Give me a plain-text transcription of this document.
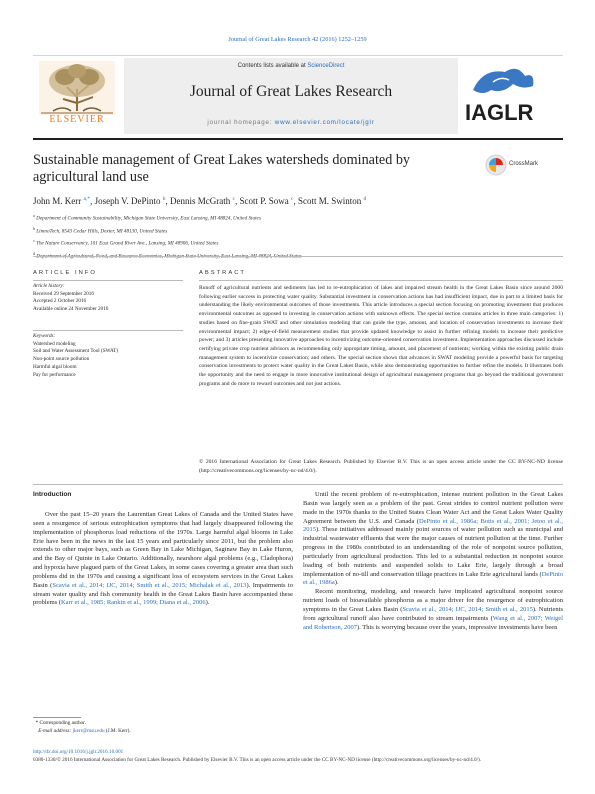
Journal of Great Lakes Research 42 (2016) 1252–1259
ELSEVIER
Contents lists available at ScienceDirect
Journal of Great Lakes Research
journal homepage: www.elsevier.com/locate/jglr	IAGLR
Sustainable management of Great Lakes watersheds dominated by agricultural land use
CrossMark
John M. Kerr $^{a,*}$, Joseph V. DePinto $^b$, Dennis McGrath $^c$, Scott P. Sowa $^c$, Scott M. Swinton $^d$
$^a$ Department of Community Sustainability, Michigan State University, East Lansing, MI 48824, United States
$^b$ LimnoTech, 8543 Cedar Hills, Dexter, MI 48130, United States
$^c$ The Nature Conservancy, 101 East Grand River Ave., Lansing, MI 48906, United States
$^d$
ARTICLE INFO
Article history:
Received 29 September 2016
Accepted 2 October 2016
Available online 24 November 2016
Keywords:
Watershed modeling
Soil and Water Assessment Tool (SWAT)
Non-point source pollution
Harmful algal bloom
Pay for performance
ABSTRACT
Runoff of agricultural nutrients and sediments has led to re-eutrophication of lakes and impaired stream health in the Great Lakes Basin since around 2000 following earlier success in protecting water quality. Substantial investment in conservation actions has had insufficient impact, due in part to a limited basis for understanding the likely environmental outcomes of those investments. This article introduces a special section focusing on promoting investment that produces environmental outcomes as opposed to investing in conservation actions with unknown effects. The special section contains articles in three main categories: 1) studies based on fine-grain SWAT and other simulation modeling that can guide the type, amount, and location of conservation investments to increase their environmental impact; 2) edge-of-field measurement studies that provide updated knowledge to assist in further refining models to increase their predictive power; and 3) articles presenting innovative approaches to incentivizing outcome-oriented conservation investment. Implementation approaches discussed include certifying private crop nutrient advisors as recommending only appropriate timing, amount, and placement of nutrients; working within the existing public drain management system to incentivize conservation; and others. The special section shows that advances in SWAT modeling provide a powerful basis for targeting conservation investments to protect water quality in the Great Lakes Basin, while also demonstrating opportunities to further refine the models. It illustrates both the opportunity and the need to engage in more innovative institutional design of agricultural management programs that go beyond the traditional government programs and do more to reward outcomes and not just actions.
© 2016 International Association for Great Lakes Research. Published by Elsevier B.V. This is an open access article under the CC BY-NC-ND license (http://creativecommons.org/licenses/by-nc-nd/4.0/).
Introduction

Over the past 15–20 years the Laurentian Great Lakes of Canada and the United States have seen a resurgence of serious eutrophication symptoms that had largely disappeared following the implementation of phosphorus load reductions of the 1970s. Large harmful algal blooms in Lake Erie have been in the news in the last 15 years and particularly since 2011, but the problem also extends to other major bays, such as Green Bay in Lake Michigan, Saginaw Bay in Lake Huron, and the Bay of Quinte in Lake Ontario. Additionally, nearshore algal problems (e.g., Cladophora) and hypoxia have plagued parts of the Great Lakes, in some cases covering a greater area than such problems did in the 1970s and causing a significant loss of ecosystem services in the Great Lakes Basin (Scavia et al., 2014; IJC, 2014; Smith et al., 2015; Michalak et al., 2013). Impairments to stream water quality and fish community health in the Great Lakes Basin have accompanied these problems (Karr et al., 1985; Rankin et al., 1999; Diana et al., 2006).

Until the recent problem of re-eutrophication, intense nutrient pollution in the Great Lakes Basin was largely seen as a problem of the past. Great strides to control nutrient pollution were made in the 1970s thanks to the United States Clean Water Act and the Great Lakes Water Quality Agreement between the U.S. and Canada (DePinto et al., 1986a; Botts et al., 2001; Jetoo et al., 2015). These initiatives addressed mainly point sources of water pollution such as municipal and industrial wastewater effluents that were the major causes of nutrient pollution at the time. Further progress in the 1980s contributed to an understanding of the role of nonpoint source pollution, particularly from agricultural production. This led to a substantial reduction in nonpoint source loading of both nutrients and suspended solids to Lake Erie, largely through a broad implementation of no-till and conservation tillage practices in Lake Erie agricultural lands (DePinto et al., 1986a).

Recent monitoring, modeling, and research have implicated agricultural nonpoint source nutrient loads of bioavailable phosphorus as a major driver for the resurgence of eutrophication symptoms in the Great Lakes Basin (Scavia et al., 2014; IJC, 2014; Smith et al., 2015). Nutrients from agricultural runoff also have contributed to stream impairments (Wang et al., 2007; Weigel and Robertson, 2007). This is worrying because over the years, impressive investments have been

* Corresponding author.
E-mail address: jkerr@msu.edu (J.M. Kerr).
http://dx.doi.org/10.1016/j.jglr.2016.10.001
0380-1330/© 2016 International Association for Great Lakes Research. Published by Elsevier B.V. This is an open access article under the CC BY-NC-ND license (http://creativecommons.org/licenses/by-nc-nd/4.0/).
